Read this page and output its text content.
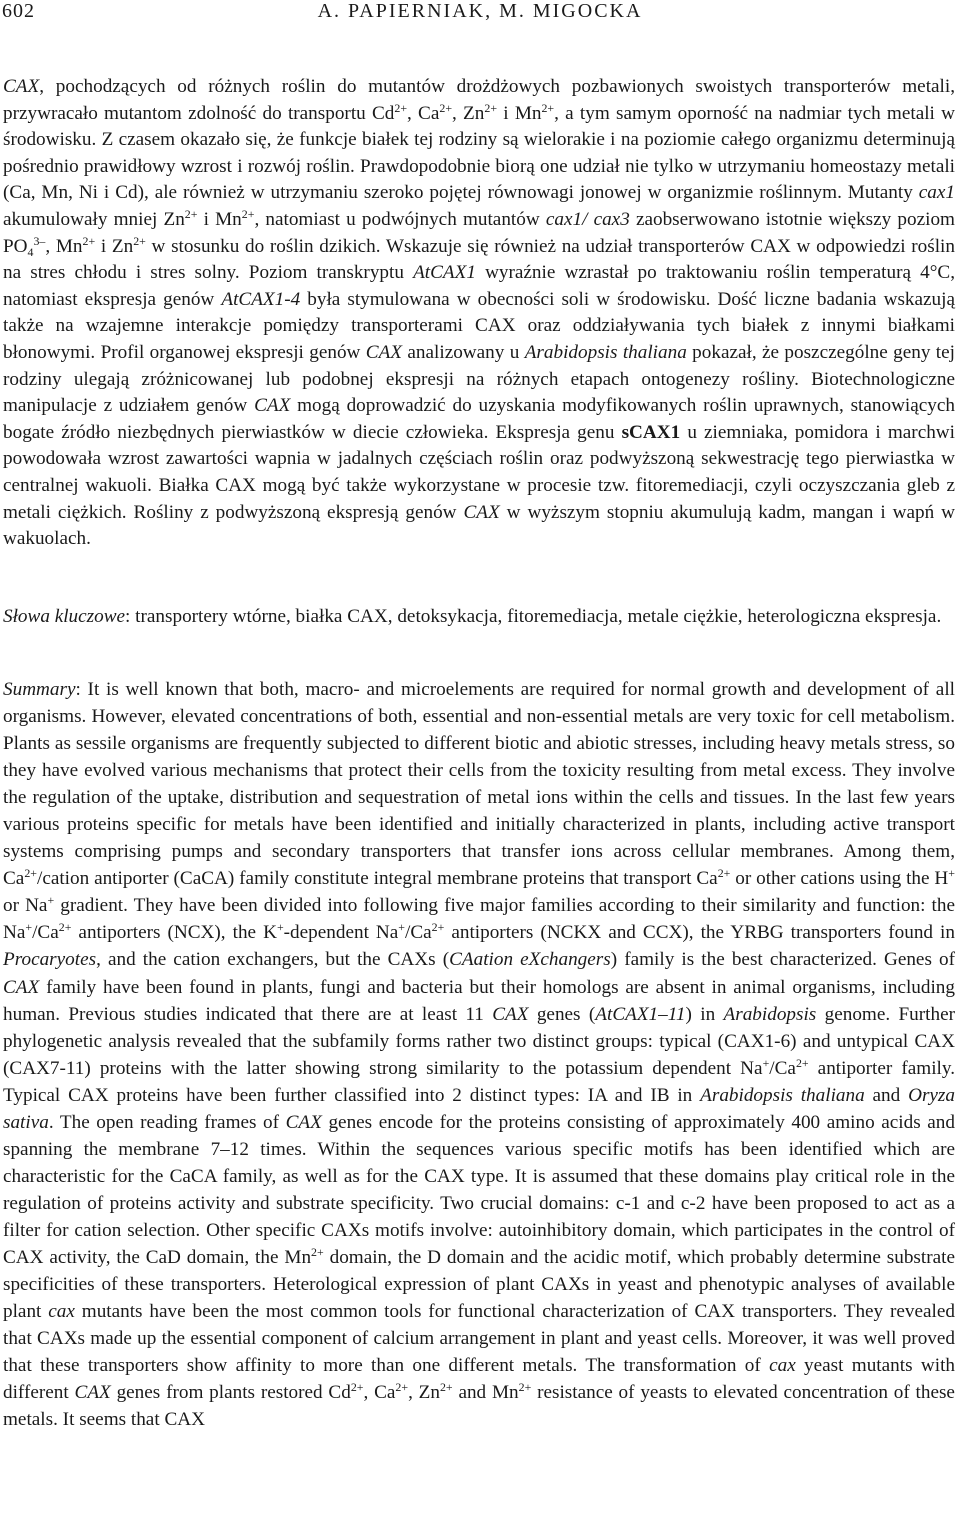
602	A. PAPIERNIAK, M. MIGOCKA

CAX, pochodzących od różnych roślin do mutantów drożdżowych pozbawionych swoistych transporterów metali, przywracało mutantom zdolność do transportu $Cd^{2+}$, $Ca^{2+}$, $Zn^{2+}$ i $Mn^{2+}$, a tym samym oporność na nadmiar tych metali w środowisku. Z czasem okazało się, że funkcje białek tej rodziny są wielorakie i na poziomie całego organizmu determinują pośrednio prawidłowy wzrost i rozwój roślin. Prawdopodobnie biorą one udział nie tylko w utrzymaniu homeostazy metali (Ca, Mn, Ni i Cd), ale również w utrzymaniu szeroko pojętej równowagi jonowej w organizmie roślinnym. Mutanty cax1 akumulowały mniej $Zn^{2+}$ i $Mn^{2+}$, natomiast u podwójnych mutantów cax1/ cax3 zaobserwowano istotnie większy poziom $PO_4^{3-}$, $Mn^{2+}$ i $Zn^{2+}$ w stosunku do roślin dzikich. Wskazuje się również na udział transporterów CAX w odpowiedzi roślin na stres chłodu i stres solny. Poziom transkryptu AtCAX1 wyraźnie wzrastał po traktowaniu roślin temperaturą 4°C, natomiast ekspresja genów AtCAX1-4 była stymulowana w obecności soli w środowisku. Dość liczne badania wskazują także na wzajemne interakcje pomiędzy transporterami CAX oraz oddziaływania tych białek z innymi białkami błonowymi. Profil organowej ekspresji genów CAX analizowany u Arabidopsis thaliana pokazał, że poszczególne geny tej rodziny ulegają zróżnicowanej lub podobnej ekspresji na różnych etapach ontogenezy rośliny. Biotechnologiczne manipulacje z udziałem genów CAX mogą doprowadzić do uzyskania modyfikowanych roślin uprawnych, stanowiących bogate źródło niezbędnych pierwiastków w diecie człowieka. Ekspresja genu sCAX1 u ziemniaka, pomidora i marchwi powodowała wzrost zawartości wapnia w jadalnych częściach roślin oraz podwyższoną sekwestrację tego pierwiastka w centralnej wakuoli. Białka CAX mogą być także wykorzystane w procesie tzw. fitoremediacji, czyli oczyszczania gleb z metali ciężkich. Rośliny z podwyższoną ekspresją genów CAX w wyższym stopniu akumulują kadm, mangan i wapń w wakuolach.

Słowa kluczowe: transportery wtórne, białka CAX, detoksykacja, fitoremediacja, metale ciężkie, heterologiczna ekspresja.

Summary: It is well known that both, macro- and microelements are required for normal growth and development of all organisms. However, elevated concentrations of both, essential and non-essential metals are very toxic for cell metabolism. Plants as sessile organisms are frequently subjected to different biotic and abiotic stresses, including heavy metals stress, so they have evolved various mechanisms that protect their cells from the toxicity resulting from metal excess. They involve the regulation of the uptake, distribution and sequestration of metal ions within the cells and tissues. In the last few years various proteins specific for metals have been identified and initially characterized in plants, including active transport systems comprising pumps and secondary transporters that transfer ions across cellular membranes. Among them, $Ca^{2+}$/cation antiporter (CaCA) family constitute integral membrane proteins that transport $Ca^{2+}$ or other cations using the H+ or Na+ gradient. They have been divided into following five major families according to their similarity and function: the $Na^+/Ca^{2+}$ antiporters (NCX), the K+-dependent $Na^+/Ca^{2+}$ antiporters (NCKX and CCX), the YRBG transporters found in Procaryotes, and the cation exchangers, but the CAXs (CAation eXchangers) family is the best characterized. Genes of CAX family have been found in plants, fungi and bacteria but their homologs are absent in animal organisms, including human. Previous studies indicated that there are at least 11 CAX genes (AtCAX1–11) in Arabidopsis genome. Further phylogenetic analysis revealed that the subfamily forms rather two distinct groups: typical (CAX1-6) and untypical CAX (CAX7-11) proteins with the latter showing strong similarity to the potassium dependent $Na^+/Ca^{2+}$ antiporter family. Typical CAX proteins have been further classified into 2 distinct types: IA and IB in Arabidopsis thaliana and Oryza sativa. The open reading frames of CAX genes encode for the proteins consisting of approximately 400 amino acids and spanning the membrane 7–12 times. Within the sequences various specific motifs has been identified which are characteristic for the CaCA family, as well as for the CAX type. It is assumed that these domains play critical role in the regulation of proteins activity and substrate specificity. Two crucial domains: c-1 and c-2 have been proposed to act as a filter for cation selection. Other specific CAXs motifs involve: autoinhibitory domain, which participates in the control of CAX activity, the CaD domain, the $Mn^{2+}$ domain, the D domain and the acidic motif, which probably determine substrate specificities of these transporters. Heterological expression of plant CAXs in yeast and phenotypic analyses of available plant cax mutants have been the most common tools for functional characterization of CAX transporters. They revealed that CAXs made up the essential component of calcium arrangement in plant and yeast cells. Moreover, it was well proved that these transporters show affinity to more than one different metals. The transformation of cax yeast mutants with different CAX genes from plants restored $Cd^{2+}$, $Ca^{2+}$, $Zn^{2+}$ and $Mn^{2+}$ resistance of yeasts to elevated concentration of these metals. It seems that CAX
